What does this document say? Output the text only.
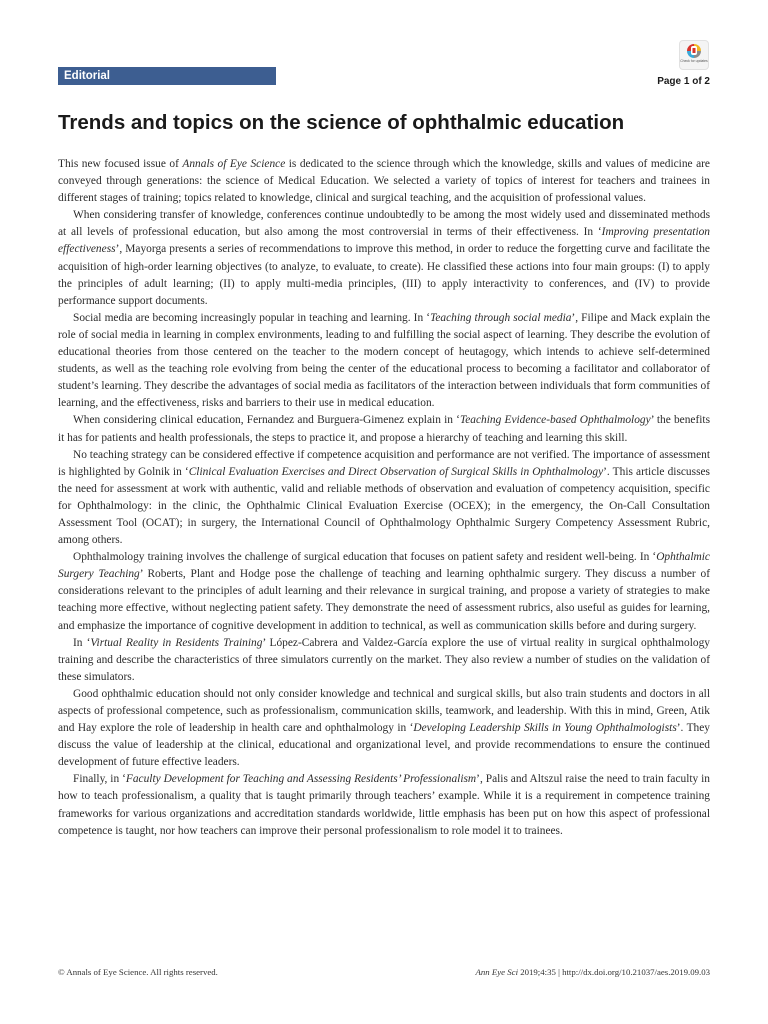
Editorial
Check for updates
Page 1 of 2
Trends and topics on the science of ophthalmic education

This new focused issue of Annals of Eye Science is dedicated to the science through which the knowledge, skills and values of medicine are conveyed through generations: the science of Medical Education. We selected a variety of topics of interest for teachers and trainees in different stages of training; topics related to knowledge, clinical and surgical teaching, and the acquisition of professional values.

When considering transfer of knowledge, conferences continue undoubtedly to be among the most widely used and disseminated methods at all levels of professional education, but also among the most controversial in terms of their effectiveness. In ‘Improving presentation effectiveness’, Mayorga presents a series of recommendations to improve this method, in order to reduce the forgetting curve and facilitate the acquisition of high-order learning objectives (to analyze, to evaluate, to create). He classified these actions into four main groups: (I) to apply the principles of adult learning; (II) to apply multi-media principles, (III) to apply interactivity to conferences, and (IV) to provide performance support documents.

Social media are becoming increasingly popular in teaching and learning. In ‘Teaching through social media’, Filipe and Mack explain the role of social media in learning in complex environments, leading to and fulfilling the social aspect of learning. They describe the evolution of educational theories from those centered on the teacher to the modern concept of heutagogy, which intends to achieve self-determined students, as well as the teaching role evolving from being the center of the educational process to becoming a facilitator and collaborator of student’s learning. They describe the advantages of social media as facilitators of the interaction between individuals that form communities of learning, and the effectiveness, risks and barriers to their use in medical education.

When considering clinical education, Fernandez and Burguera-Gimenez explain in ‘Teaching Evidence-based Ophthalmology’ the benefits it has for patients and health professionals, the steps to practice it, and propose a hierarchy of teaching and learning this skill.

No teaching strategy can be considered effective if competence acquisition and performance are not verified. The importance of assessment is highlighted by Golnik in ‘Clinical Evaluation Exercises and Direct Observation of Surgical Skills in Ophthalmology’. This article discusses the need for assessment at work with authentic, valid and reliable methods of observation and evaluation of competency acquisition, specific for Ophthalmology: in the clinic, the Ophthalmic Clinical Evaluation Exercise (OCEX); in the emergency, the On-Call Consultation Assessment Tool (OCAT); in surgery, the International Council of Ophthalmology Ophthalmic Surgery Competency Assessment Rubric, among others.

Ophthalmology training involves the challenge of surgical education that focuses on patient safety and resident well-being. In ‘Ophthalmic Surgery Teaching’ Roberts, Plant and Hodge pose the challenge of teaching and learning ophthalmic surgery. They discuss a number of considerations relevant to the principles of adult learning and their relevance in surgical training, and propose a variety of strategies to make teaching more effective, without neglecting patient safety. They demonstrate the need of assessment rubrics, also useful as guides for learning, and emphasize the importance of cognitive development in addition to technical, as well as communication skills before and during surgery.

In ‘Virtual Reality in Residents Training’ López-Cabrera and Valdez-García explore the use of virtual reality in surgical ophthalmology training and describe the characteristics of three simulators currently on the market. They also review a number of studies on the validation of these simulators.

Good ophthalmic education should not only consider knowledge and technical and surgical skills, but also train students and doctors in all aspects of professional competence, such as professionalism, communication skills, teamwork, and leadership. With this in mind, Green, Atik and Hay explore the role of leadership in health care and ophthalmology in ‘Developing Leadership Skills in Young Ophthalmologists’. They discuss the value of leadership at the clinical, educational and organizational level, and provide recommendations to ensure the continued development of future effective leaders.

Finally, in ‘Faculty Development for Teaching and Assessing Residents’ Professionalism’, Palis and Altszul raise the need to train faculty in how to teach professionalism, a quality that is taught primarily through teachers’ example. While it is a requirement in competence training frameworks for various organizations and accreditation standards worldwide, little emphasis has been put on how this aspect of professional competence is taught, nor how teachers can improve their personal professionalism to role model it to trainees.

© Annals of Eye Science. All rights reserved.	Ann Eye Sci 2019;4:35 | http://dx.doi.org/10.21037/aes.2019.09.03
